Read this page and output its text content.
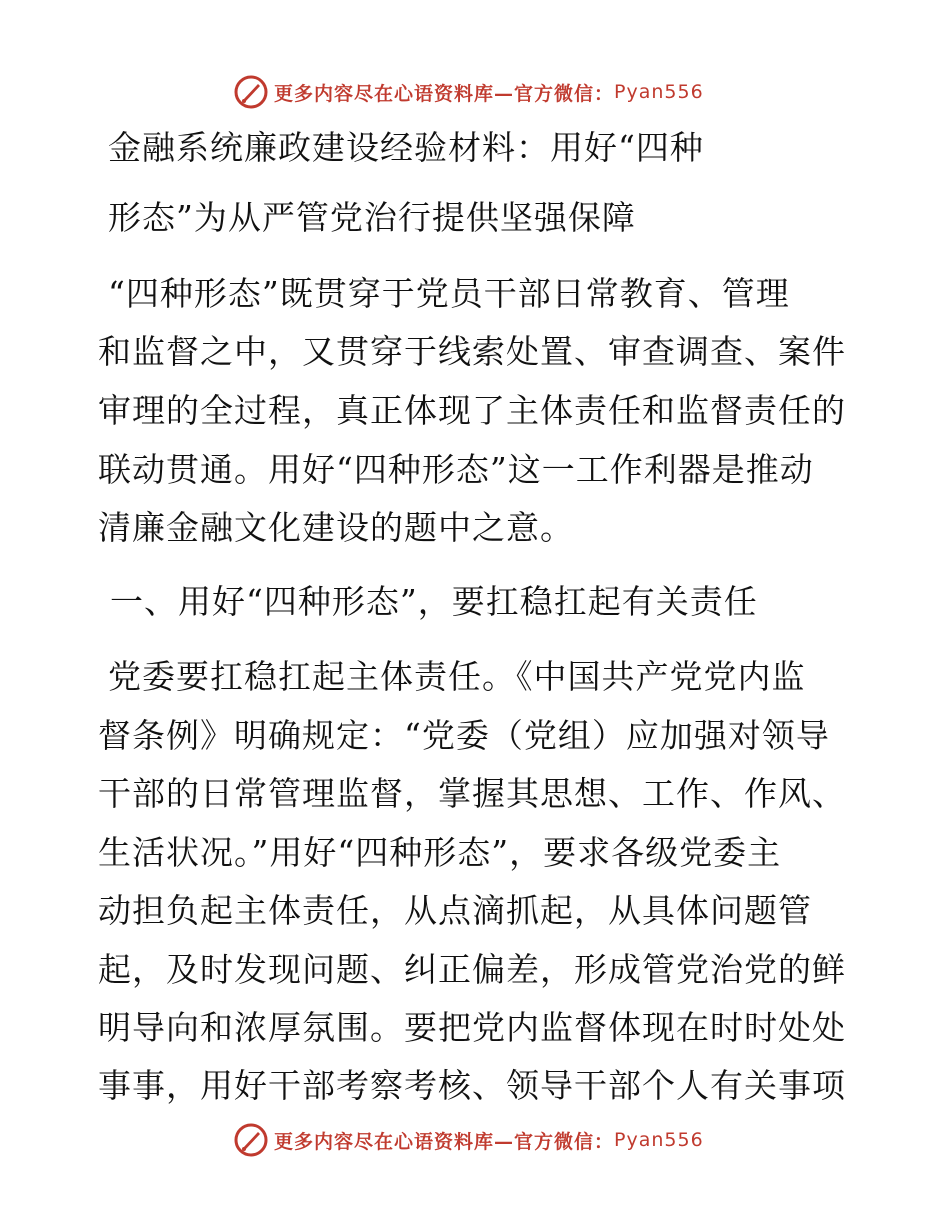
更多内容尽在心语资料库—官方微信： Pyan556
金融系统廉政建设经验材料：用好“四种
形态”为从严管党治行提供坚强保障
“四种形态”既贯穿于党员干部日常教育、管理
和监督之中，又贯穿于线索处置、审查调查、案件
审理的全过程，真正体现了主体责任和监督责任的
联动贯通。用好“四种形态”这一工作利器是推动
清廉金融文化建设的题中之意。
一、用好“四种形态”，要扛稳扛起有关责任
党委要扛稳扛起主体责任。《中国共产党党内监
督条例》明确规定：“党委（党组）应加强对领导
干部的日常管理监督，掌握其思想、工作、作风、
生活状况。”用好“四种形态”，要求各级党委主
动担负起主体责任，从点滴抓起，从具体问题管
起，及时发现问题、纠正偏差，形成管党治党的鲜
明导向和浓厚氛围。要把党内监督体现在时时处处
事事，用好干部考察考核、领导干部个人有关事项
更多内容尽在心语资料库—官方微信： Pyan556
